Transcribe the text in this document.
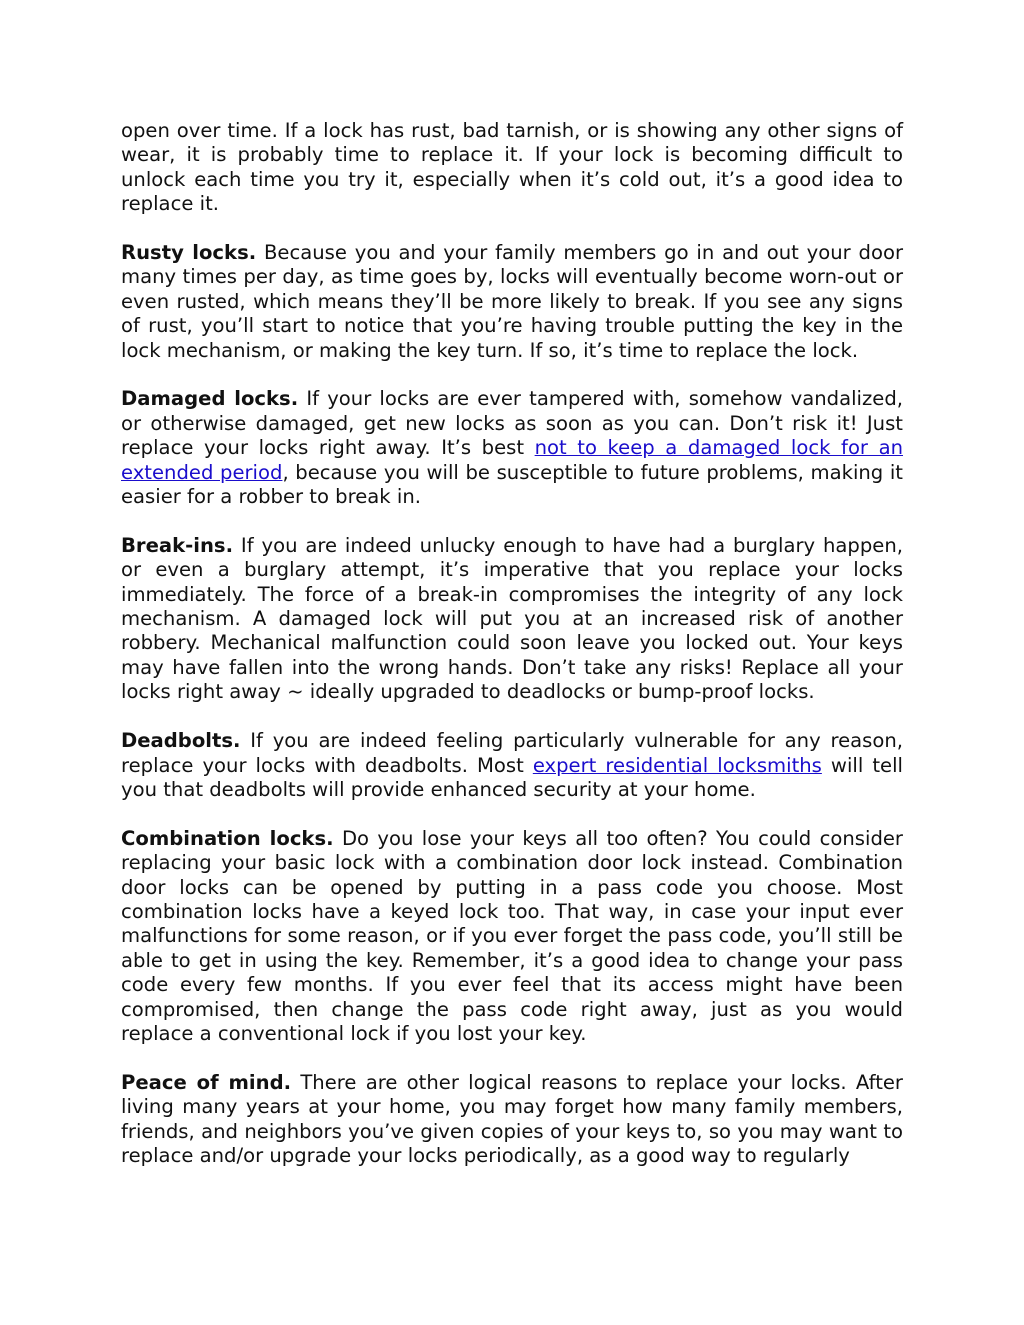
open over time. If a lock has rust, bad tarnish, or is showing any other signs of wear, it is probably time to replace it. If your lock is becoming difficult to unlock each time you try it, especially when it’s cold out, it’s a good idea to replace it.

Rusty locks. Because you and your family members go in and out your door many times per day, as time goes by, locks will eventually become worn-out or even rusted, which means they’ll be more likely to break. If you see any signs of rust, you’ll start to notice that you’re having trouble putting the key in the lock mechanism, or making the key turn. If so, it’s time to replace the lock.

Damaged locks. If your locks are ever tampered with, somehow vandalized, or otherwise damaged, get new locks as soon as you can. Don’t risk it! Just replace your locks right away. It’s best not to keep a damaged lock for an extended period, because you will be susceptible to future problems, making it easier for a robber to break in.

Break-ins. If you are indeed unlucky enough to have had a burglary happen, or even a burglary attempt, it’s imperative that you replace your locks immediately. The force of a break-in compromises the integrity of any lock mechanism. A damaged lock will put you at an increased risk of another robbery. Mechanical malfunction could soon leave you locked out. Your keys may have fallen into the wrong hands. Don’t take any risks! Replace all your locks right away ~ ideally upgraded to deadlocks or bump-proof locks.

Deadbolts. If you are indeed feeling particularly vulnerable for any reason, replace your locks with deadbolts. Most expert residential locksmiths will tell you that deadbolts will provide enhanced security at your home.

Combination locks. Do you lose your keys all too often? You could consider replacing your basic lock with a combination door lock instead. Combination door locks can be opened by putting in a pass code you choose. Most combination locks have a keyed lock too. That way, in case your input ever malfunctions for some reason, or if you ever forget the pass code, you’ll still be able to get in using the key. Remember, it’s a good idea to change your pass code every few months. If you ever feel that its access might have been compromised, then change the pass code right away, just as you would replace a conventional lock if you lost your key.

Peace of mind. There are other logical reasons to replace your locks. After living many years at your home, you may forget how many family members, friends, and neighbors you’ve given copies of your keys to, so you may want to replace and/or upgrade your locks periodically, as a good way to regularly
